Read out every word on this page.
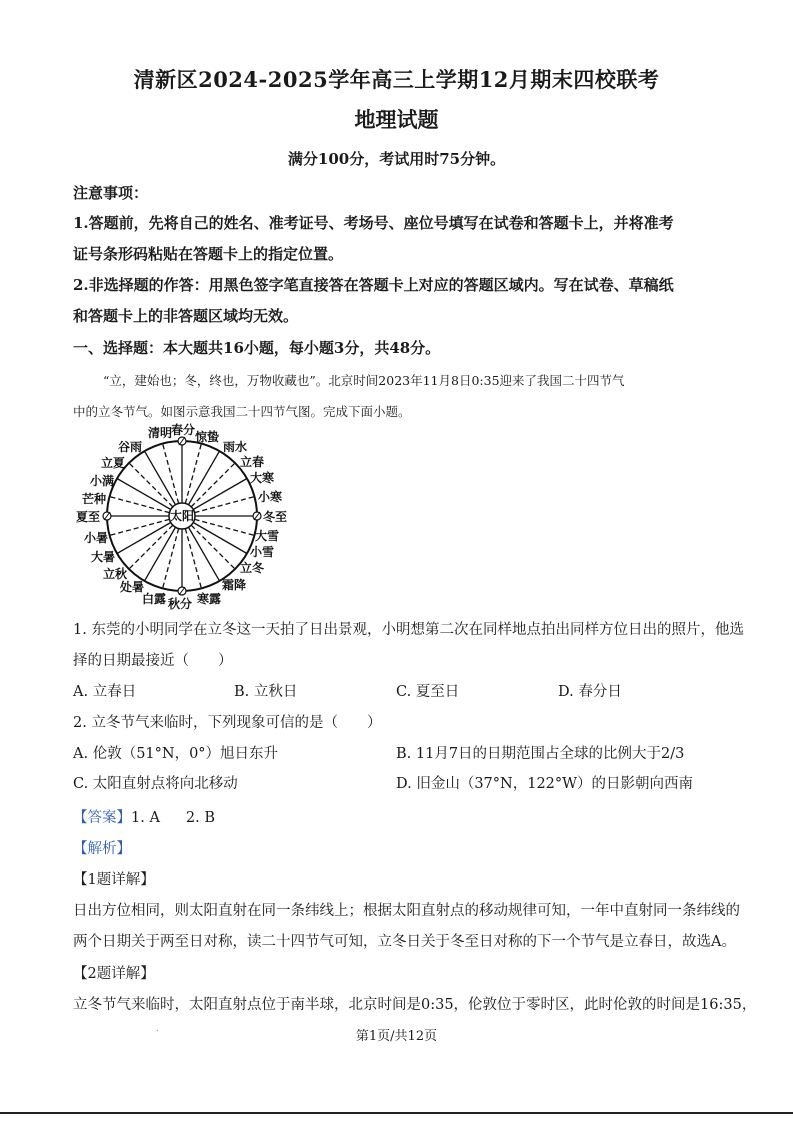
清新区2024-2025学年高三上学期12月期末四校联考
地理试题
满分100分，考试用时75分钟。
注意事项：
1.答题前，先将自己的姓名、准考证号、考场号、座位号填写在试卷和答题卡上，并将准考
证号条形码粘贴在答题卡上的指定位置。
2.非选择题的作答：用黑色签字笔直接答在答题卡上对应的答题区域内。写在试卷、草稿纸
和答题卡上的非答题区域均无效。
一、选择题：本大题共16小题，每小题3分，共48分。
“立，建始也；冬，终也，万物收藏也”。北京时间2023年11月8日0:35迎来了我国二十四节气
中的立冬节气。如图示意我国二十四节气图。完成下面小题。
太阳
清明
春分 惊蛰
谷雨
立夏
小满
芒种
雨水
立春
大寒
小寒
夏至	冬至
小暑
大暑
立秋
处暑
大雪
小雪
立冬
霜降
白露 秋分 寒露
1. 东莞的小明同学在立冬这一天拍了日出景观，小明想第二次在同样地点拍出同样方位日出的照片，他选
择的日期最接近（　　）
A. 立春日	B. 立秋日	C. 夏至日	D. 春分日
2. 立冬节气来临时，下列现象可信的是（　　）
A. 伦敦（51°N，0°）旭日东升	B. 11月7日的日期范围占全球的比例大于2/3
C. 太阳直射点将向北移动	D. 旧金山（37°N，122°W）的日影朝向西南
【答案】1. A 2. B
【解析】
【1题详解】
日出方位相同，则太阳直射在同一条纬线上；根据太阳直射点的移动规律可知，一年中直射同一条纬线的
两个日期关于两至日对称，读二十四节气可知，立冬日关于冬至日对称的下一个节气是立春日，故选A。
【2题详解】
立冬节气来临时，太阳直射点位于南半球，北京时间是0:35，伦敦位于零时区，此时伦敦的时间是16:35，
.	第1页/共12页
